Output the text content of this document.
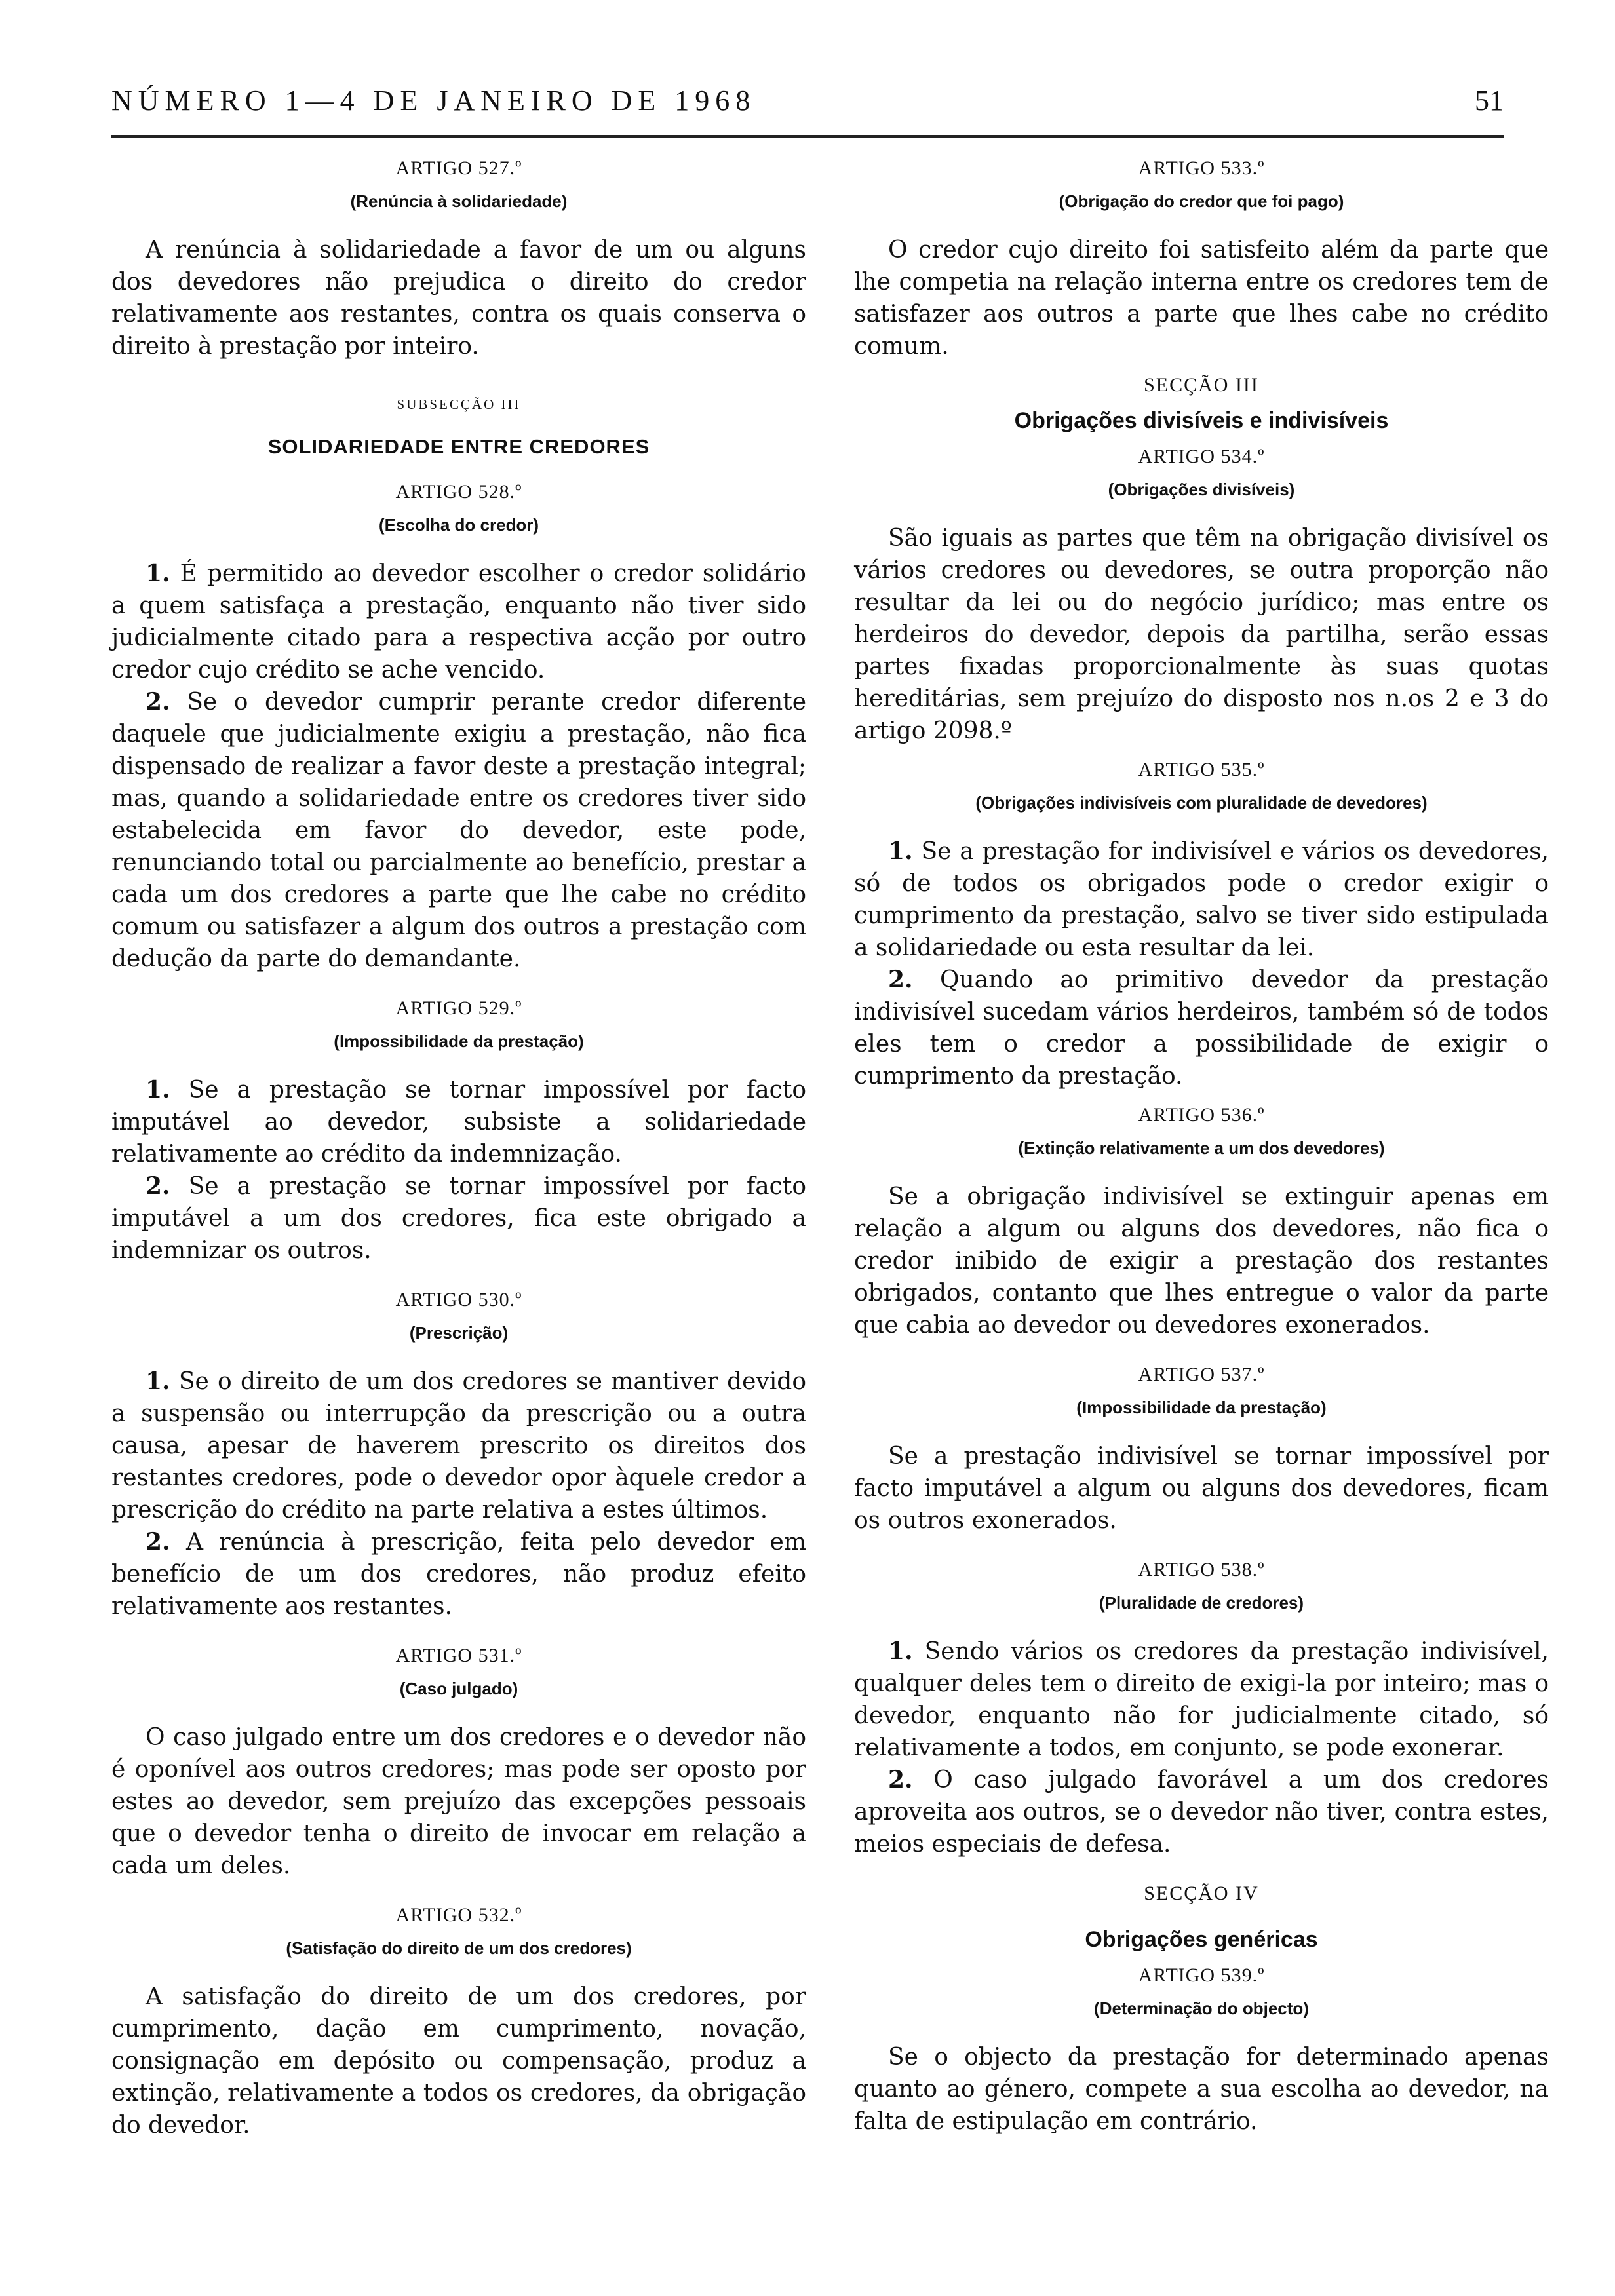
NÚMERO 1—4 DE JANEIRO DE 1968	51

ARTIGO 527.º

(Renúncia à solidariedade)

A renúncia à solidariedade a favor de um ou alguns dos devedores não prejudica o direito do credor relativamente aos restantes, contra os quais conserva o direito à prestação por inteiro.

SUBSECÇÃO III

SOLIDARIEDADE ENTRE CREDORES

ARTIGO 528.º

(Escolha do credor)

1. É permitido ao devedor escolher o credor solidário a quem satisfaça a prestação, enquanto não tiver sido judicialmente citado para a respectiva acção por outro credor cujo crédito se ache vencido.

2. Se o devedor cumprir perante credor diferente daquele que judicialmente exigiu a prestação, não fica dispensado de realizar a favor deste a prestação integral; mas, quando a solidariedade entre os credores tiver sido estabelecida em favor do devedor, este pode, renunciando total ou parcialmente ao benefício, prestar a cada um dos credores a parte que lhe cabe no crédito comum ou satisfazer a algum dos outros a prestação com dedução da parte do demandante.

ARTIGO 529.º

(Impossibilidade da prestação)

1. Se a prestação se tornar impossível por facto imputável ao devedor, subsiste a solidariedade relativamente ao crédito da indemnização.

2. Se a prestação se tornar impossível por facto imputável a um dos credores, fica este obrigado a indemnizar os outros.

ARTIGO 530.º

(Prescrição)

1. Se o direito de um dos credores se mantiver devido a suspensão ou interrupção da prescrição ou a outra causa, apesar de haverem prescrito os direitos dos restantes credores, pode o devedor opor àquele credor a prescrição do crédito na parte relativa a estes últimos.

2. A renúncia à prescrição, feita pelo devedor em benefício de um dos credores, não produz efeito relativamente aos restantes.

ARTIGO 531.º

(Caso julgado)

O caso julgado entre um dos credores e o devedor não é oponível aos outros credores; mas pode ser oposto por estes ao devedor, sem prejuízo das excepções pessoais que o devedor tenha o direito de invocar em relação a cada um deles.

ARTIGO 532.º

(Satisfação do direito de um dos credores)

A satisfação do direito de um dos credores, por cumprimento, dação em cumprimento, novação, consignação em depósito ou compensação, produz a extinção, relativamente a todos os credores, da obrigação do devedor.

ARTIGO 533.º

(Obrigação do credor que foi pago)

O credor cujo direito foi satisfeito além da parte que lhe competia na relação interna entre os credores tem de satisfazer aos outros a parte que lhes cabe no crédito comum.

SECÇÃO III

Obrigações divisíveis e indivisíveis

ARTIGO 534.º

(Obrigações divisíveis)

São iguais as partes que têm na obrigação divisível os vários credores ou devedores, se outra proporção não resultar da lei ou do negócio jurídico; mas entre os herdeiros do devedor, depois da partilha, serão essas partes fixadas proporcionalmente às suas quotas hereditárias, sem prejuízo do disposto nos n.os 2 e 3 do artigo 2098.º

ARTIGO 535.º

(Obrigações indivisíveis com pluralidade de devedores)

1. Se a prestação for indivisível e vários os devedores, só de todos os obrigados pode o credor exigir o cumprimento da prestação, salvo se tiver sido estipulada a solidariedade ou esta resultar da lei.

2. Quando ao primitivo devedor da prestação indivisível sucedam vários herdeiros, também só de todos eles tem o credor a possibilidade de exigir o cumprimento da prestação.

ARTIGO 536.º

(Extinção relativamente a um dos devedores)

Se a obrigação indivisível se extinguir apenas em relação a algum ou alguns dos devedores, não fica o credor inibido de exigir a prestação dos restantes obrigados, contanto que lhes entregue o valor da parte que cabia ao devedor ou devedores exonerados.

ARTIGO 537.º

(Impossibilidade da prestação)

Se a prestação indivisível se tornar impossível por facto imputável a algum ou alguns dos devedores, ficam os outros exonerados.

ARTIGO 538.º

(Pluralidade de credores)

1. Sendo vários os credores da prestação indivisível, qualquer deles tem o direito de exigi-la por inteiro; mas o devedor, enquanto não for judicialmente citado, só relativamente a todos, em conjunto, se pode exonerar.

2. O caso julgado favorável a um dos credores aproveita aos outros, se o devedor não tiver, contra estes, meios especiais de defesa.

SECÇÃO IV

Obrigações genéricas

ARTIGO 539.º

(Determinação do objecto)

Se o objecto da prestação for determinado apenas quanto ao género, compete a sua escolha ao devedor, na falta de estipulação em contrário.
